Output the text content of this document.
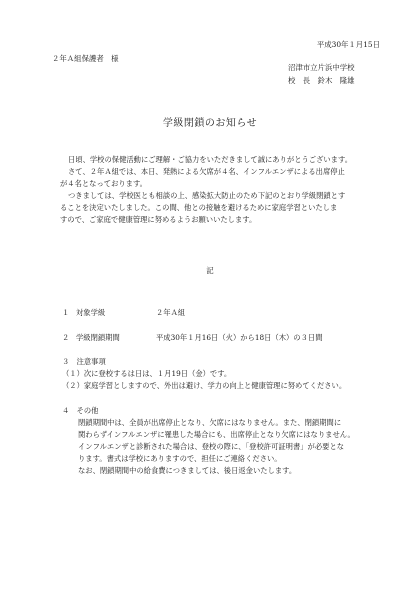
平成30年１月15日
２年Ａ組保護者　様
沼津市立片浜中学校
校　長　鈴木　隆雄
学級閉鎖のお知らせ
日頃、学校の保健活動にご理解・ご協力をいただきまして誠にありがとうございます。
さて、２年Ａ組では、本日、発熱による欠席が４名、インフルエンザによる出席停止
が４名となっております。
つきましては、学校医とも相談の上、感染拡大防止のため下記のとおり学級閉鎖とす
ることを決定いたしました。この間、他との接触を避けるために家庭学習といたしま
すので、ご家庭で健康管理に努めるようお願いいたします。
記
１ 対象学級	２年Ａ組
２ 学級閉鎖期間	平成30年１月16日（火）から18日（木）の３日間
３　注意事項
（１）次に登校するは日は、１月19日（金）です。
（２）家庭学習としますので、外出は避け、学力の向上と健康管理に努めてください。
４　その他
閉鎖期間中は、全員が出席停止となり、欠席にはなりません。また、閉鎖期間に
関わらずインフルエンザに罹患した場合にも、出席停止となり欠席にはなりません。
インフルエンザと診断された場合は、登校の際に、「登校許可証明書」が必要とな
ります。書式は学校にありますので、担任にご連絡ください。
なお、閉鎖期間中の給食費につきましては、後日返金いたします。
